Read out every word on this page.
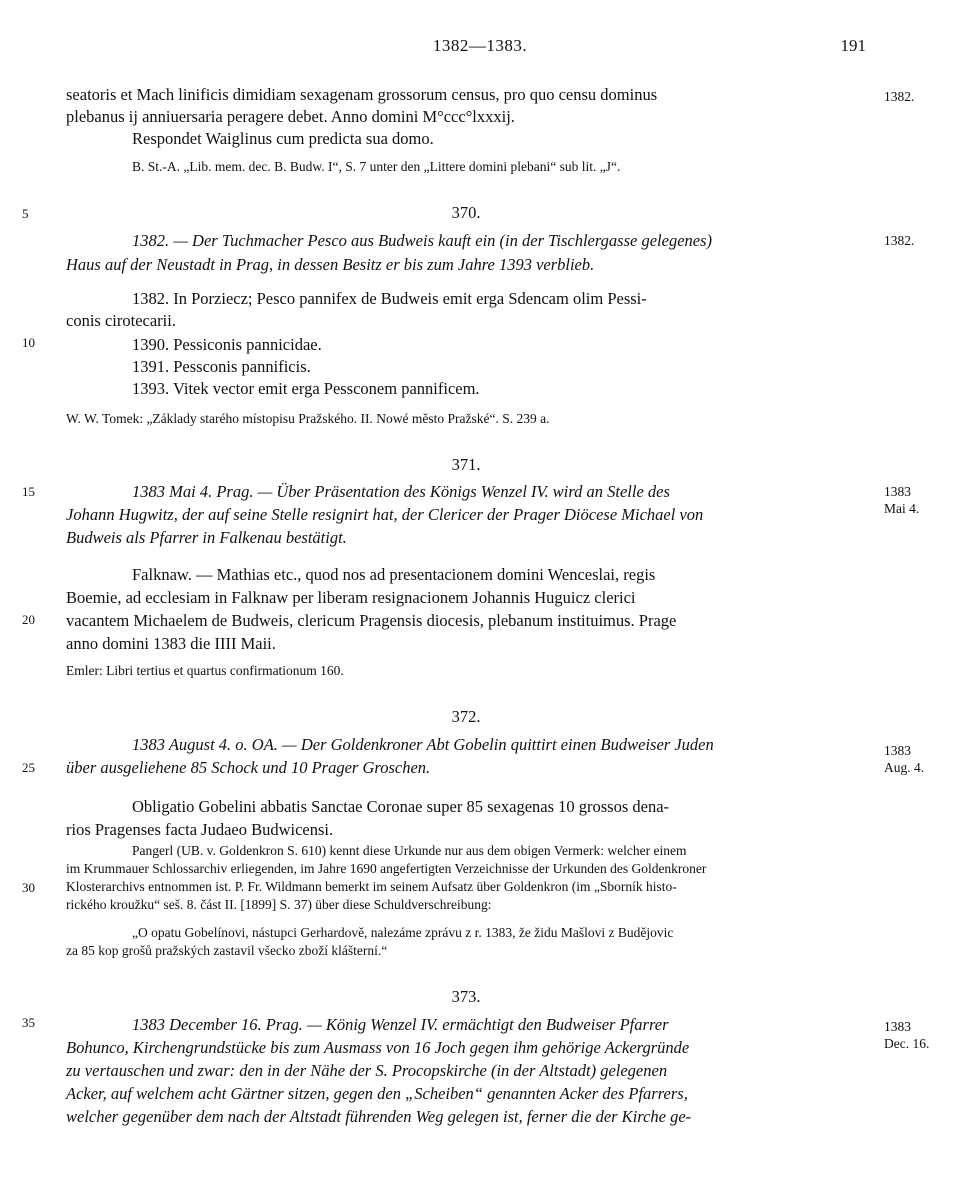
1382—1383.	191
5
10
15
20
25
30
35
1382.
1382.
1383
Mai 4.
1383
Aug. 4.
1383
Dec. 16.
seatoris et Mach linificis dimidiam sexagenam grossorum census, pro quo censu dominus
plebanus ij anniuersaria peragere debet. Anno domini M°ccc°lxxxij.
Respondet Waiglinus cum predicta sua domo.
B. St.-A. „Lib. mem. dec. B. Budw. I“, S. 7 unter den „Littere domini plebani“ sub lit. „J“.
370.
1382. — Der Tuchmacher Pesco aus Budweis kauft ein (in der Tischlergasse gelegenes)
Haus auf der Neustadt in Prag, in dessen Besitz er bis zum Jahre 1393 verblieb.
1382. In Porziecz; Pesco pannifex de Budweis emit erga Sdencam olim Pessi-
conis cirotecarii.
1390. Pessiconis pannicidae.
1391. Pessconis pannificis.
1393. Vitek vector emit erga Pessconem pannificem.
W. W. Tomek: „Základy starého místopisu Pražského. II. Nowé město Pražské“. S. 239 a.
371.
1383 Mai 4. Prag. — Über Präsentation des Königs Wenzel IV. wird an Stelle des
Johann Hugwitz, der auf seine Stelle resignirt hat, der Clericer der Prager Diöcese Michael von
Budweis als Pfarrer in Falkenau bestätigt.
Falknaw. — Mathias etc., quod nos ad presentacionem domini Wenceslai, regis
Boemie, ad ecclesiam in Falknaw per liberam resignacionem Johannis Huguicz clerici
vacantem Michaelem de Budweis, clericum Pragensis diocesis, plebanum instituimus. Prage
anno domini 1383 die IIII Maii.
Emler: Libri tertius et quartus confirmationum 160.
372.
1383 August 4. o. OA. — Der Goldenkroner Abt Gobelin quittirt einen Budweiser Juden
über ausgeliehene 85 Schock und 10 Prager Groschen.
Obligatio Gobelini abbatis Sanctae Coronae super 85 sexagenas 10 grossos dena-
rios Pragenses facta Judaeo Budwicensi.
Pangerl (UB. v. Goldenkron S. 610) kennt diese Urkunde nur aus dem obigen Vermerk: welcher einem
im Krummauer Schlossarchiv erliegenden, im Jahre 1690 angefertigten Verzeichnisse der Urkunden des Goldenkroner
Klosterarchivs entnommen ist. P. Fr. Wildmann bemerkt im seinem Aufsatz über Goldenkron (im „Sborník histo-
rického kroužku“ seš. 8. část II. [1899] S. 37) über diese Schuldverschreibung:
„O opatu Gobelínovi, nástupci Gerhardově, nalezáme zprávu z r. 1383, že židu Mašlovi z Budějovic
za 85 kop grošů pražských zastavil všecko zboží klášterní.“
373.
1383 December 16. Prag. — König Wenzel IV. ermächtigt den Budweiser Pfarrer
Bohunco, Kirchengrundstücke bis zum Ausmass von 16 Joch gegen ihm gehörige Ackergründe
zu vertauschen und zwar: den in der Nähe der S. Procopskirche (in der Altstadt) gelegenen
Acker, auf welchem acht Gärtner sitzen, gegen den „Scheiben“ genannten Acker des Pfarrers,
welcher gegenüber dem nach der Altstadt führenden Weg gelegen ist, ferner die der Kirche ge-
